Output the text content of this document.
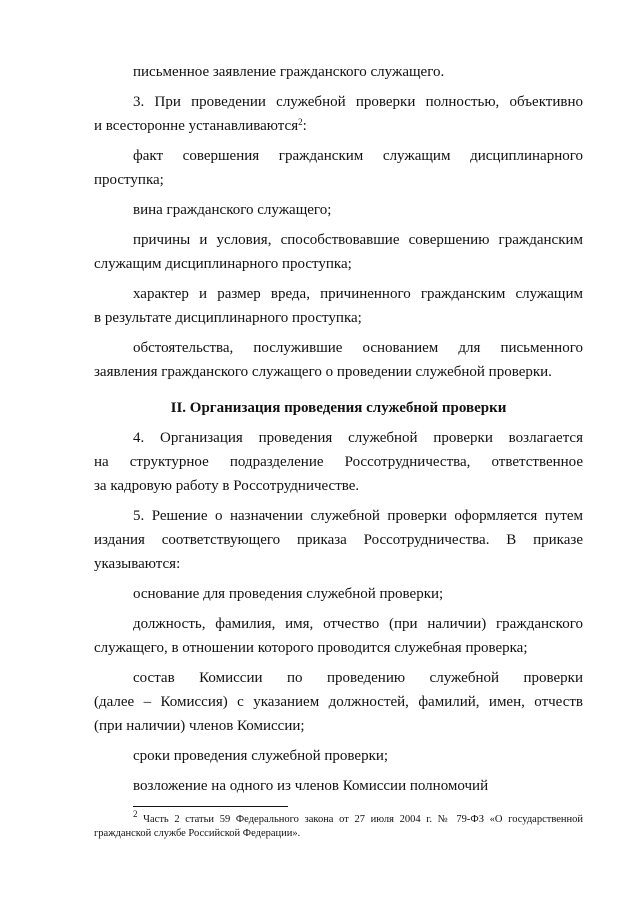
письменное заявление гражданского служащего.
3. При проведении служебной проверки полностью, объективно
и всесторонне устанавливаются$^2$:
факт совершения гражданским служащим дисциплинарного
проступка;
вина гражданского служащего;
причины и условия, способствовавшие совершению гражданским
служащим дисциплинарного проступка;
характер и размер вреда, причиненного гражданским служащим
в результате дисциплинарного проступка;
обстоятельства, послужившие основанием для письменного
заявления гражданского служащего о проведении служебной проверки.
II. Организация проведения служебной проверки
4. Организация проведения служебной проверки возлагается
на структурное подразделение Россотрудничества, ответственное
за кадровую работу в Россотрудничестве.
5. Решение о назначении служебной проверки оформляется путем
издания соответствующего приказа Россотрудничества. В приказе
указываются:
основание для проведения служебной проверки;
должность, фамилия, имя, отчество (при наличии) гражданского
служащего, в отношении которого проводится служебная проверка;
состав Комиссии по проведению служебной проверки
(далее – Комиссия) с указанием должностей, фамилий, имен, отчеств
(при наличии) членов Комиссии;
сроки проведения служебной проверки;
возложение на одного из членов Комиссии полномочий
$^2$ Часть 2 статьи 59 Федерального закона от 27 июля 2004 г. № 79-ФЗ «О государственной
гражданской службе Российской Федерации».
